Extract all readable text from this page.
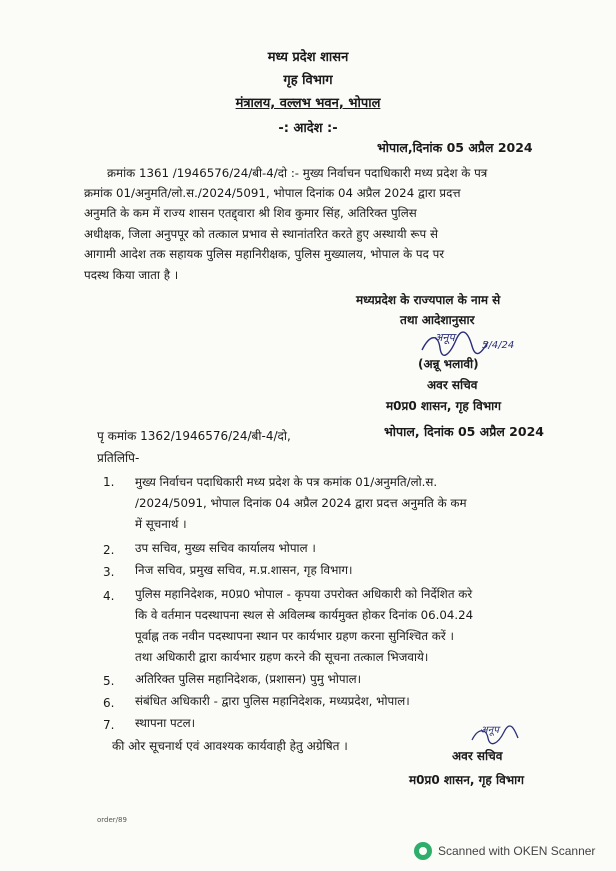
मध्य प्रदेश शासन
गृह विभाग
मंत्रालय, वल्लभ भवन, भोपाल
-: आदेश :-
भोपाल,दिनांक 05 अप्रैल 2024
क्रमांक 1361 /1946576/24/बी-4/दो :- मुख्य निर्वाचन पदाधिकारी मध्य प्रदेश के पत्र
क्रमांक 01/अनुमति/लो.स./2024/5091, भोपाल दिनांक 04 अप्रैल 2024 द्वारा प्रदत्त
अनुमति के कम में राज्य शासन एतद्द्वारा श्री शिव कुमार सिंह, अतिरिक्त पुलिस
अधीक्षक, जिला अनुपपूर को तत्काल प्रभाव से स्थानांतरित करते हुए अस्थायी रूप से
आगामी आदेश तक सहायक पुलिस महानिरीक्षक, पुलिस मुख्यालय, भोपाल के पद पर
पदस्थ किया जाता है ।
मध्यप्रदेश के राज्यपाल के नाम से
तथा आदेशानुसार
अनूप
5/4/24
(अन्नू भलावी)
अवर सचिव
म0प्र0 शासन, गृह विभाग
पृ कमांक 1362/1946576/24/बी-4/दो,	भोपाल, दिनांक 05 अप्रैल 2024
प्रतिलिपि-
1. मुख्य निर्वाचन पदाधिकारी मध्य प्रदेश के पत्र कमांक 01/अनुमति/लो.स.
/2024/5091, भोपाल दिनांक 04 अप्रैल 2024 द्वारा प्रदत्त अनुमति के कम
में सूचनार्थ ।
2. उप सचिव, मुख्य सचिव कार्यालय भोपाल ।
3. निज सचिव, प्रमुख सचिव, म.प्र.शासन, गृह विभाग।
4. पुलिस महानिदेशक, म0प्र0 भोपाल - कृपया उपरोक्त अधिकारी को निर्देशित करे
कि वे वर्तमान पदस्थापना स्थल से अविलम्ब कार्यमुक्त होकर दिनांक 06.04.24
पूर्वाह्न तक नवीन पदस्थापना स्थान पर कार्यभार ग्रहण करना सुनिश्चित करें ।
तथा अधिकारी द्वारा कार्यभार ग्रहण करने की सूचना तत्काल भिजवाये।
5. अतिरिक्त पुलिस महानिदेशक, (प्रशासन) पुमु भोपाल।
6. संबंधित अधिकारी - द्वारा पुलिस महानिदेशक, मध्यप्रदेश, भोपाल।
7. स्थापना पटल।
की ओर सूचनार्थ एवं आवश्यक कार्यवाही हेतु अग्रेषित ।
अनूप
अवर सचिव
म0प्र0 शासन, गृह विभाग
order/89
Scanned with OKEN Scanner
